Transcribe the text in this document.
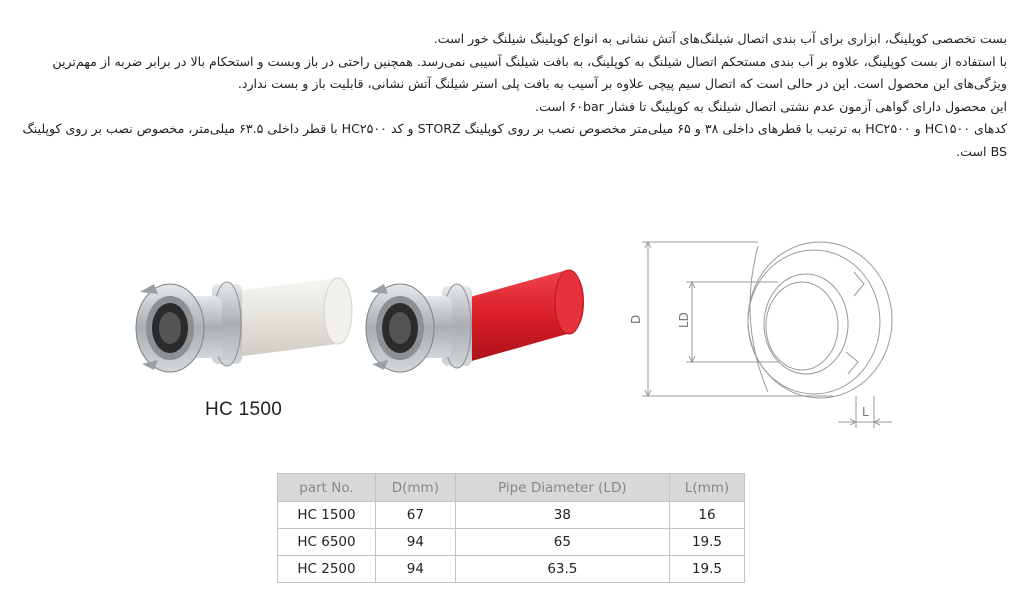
بست تخصصی کوپلینگ، ابزاری برای آب بندی اتصال شیلنگ‌های آتش نشانی به انواع کوپلینگ شیلنگ خور است.

با استفاده از بست کوپلینگ، علاوه بر آب بندی مستحکم اتصال شیلنگ به کوپلینگ، به بافت شیلنگ آسیبی نمی‌رسد. همچنین راحتی در باز وبست و استحکام بالا در برابر ضربه از مهم‌ترین ویژگی‌های این محصول است. این در حالی است که اتصال سیم پیچی علاوه بر آسیب به بافت پلی استر شیلنگ آتش نشانی، قابلیت باز و بست ندارد.

این محصول دارای گواهی آزمون عدم نشتی اتصال شیلنگ به کوپلینگ تا فشار ۶۰bar است.

کدهای HC۱۵۰۰ و HC۲۵۰۰ به ترتیب با قطرهای داخلی ۳۸ و ۶۵ میلی‌متر مخصوص نصب بر روی کوپلینگ STORZ و کد HC۲۵۰۰ با قطر داخلی ۶۳.۵ میلی‌متر، مخصوص نصب بر روی کوپلینگ BS است.

D	LD
L
HC 1500
part No.	D(mm)	Pipe Diameter (LD)	L(mm)
HC 1500	67	38	16
HC 6500	94	65	19.5
HC 2500	94	63.5	19.5
